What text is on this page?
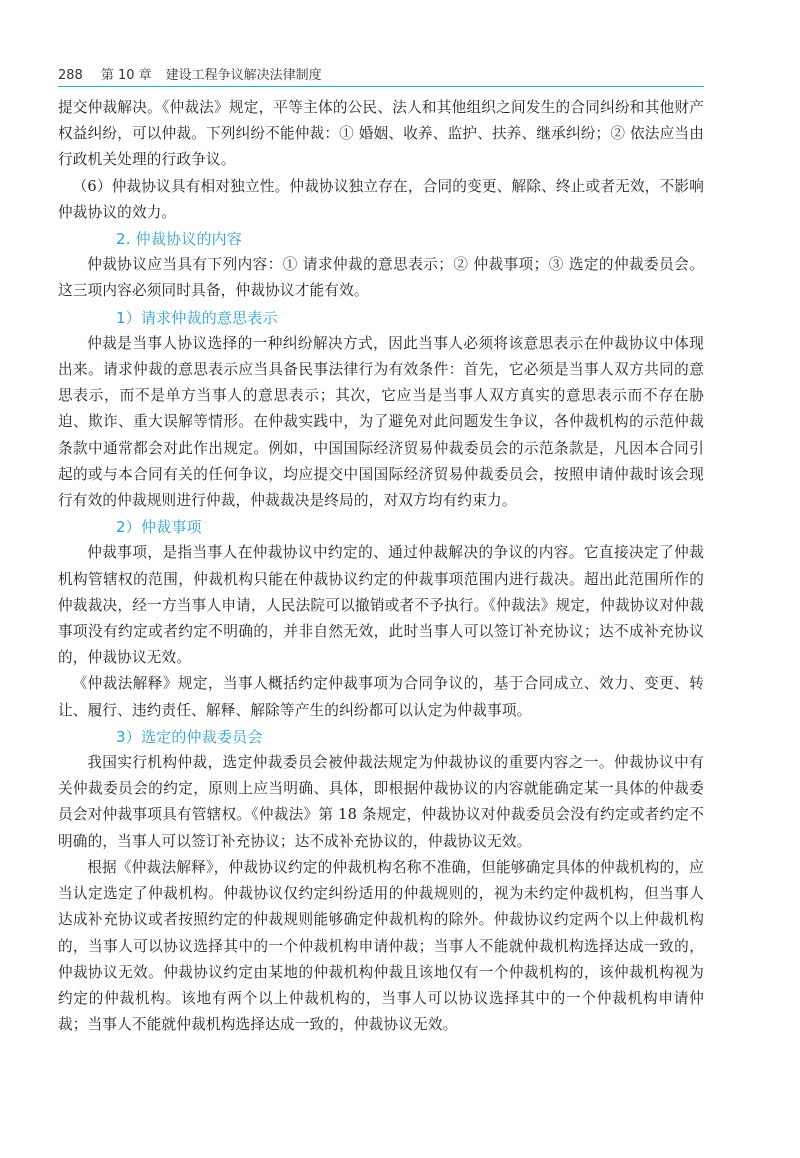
288 第 10 章 建设工程争议解决法律制度

提交仲裁解决。《仲裁法》规定，平等主体的公民、法人和其他组织之间发生的合同纠纷和其他财产权益纠纷，可以仲裁。下列纠纷不能仲裁：① 婚姻、收养、监护、扶养、继承纠纷；② 依法应当由行政机关处理的行政争议。

（6）仲裁协议具有相对独立性。仲裁协议独立存在，合同的变更、解除、终止或者无效，不影响仲裁协议的效力。

2. 仲裁协议的内容

仲裁协议应当具有下列内容：① 请求仲裁的意思表示；② 仲裁事项；③ 选定的仲裁委员会。这三项内容必须同时具备，仲裁协议才能有效。

1）请求仲裁的意思表示

仲裁是当事人协议选择的一种纠纷解决方式，因此当事人必须将该意思表示在仲裁协议中体现出来。请求仲裁的意思表示应当具备民事法律行为有效条件：首先，它必须是当事人双方共同的意思表示，而不是单方当事人的意思表示；其次，它应当是当事人双方真实的意思表示而不存在胁迫、欺诈、重大误解等情形。在仲裁实践中，为了避免对此问题发生争议，各仲裁机构的示范仲裁条款中通常都会对此作出规定。例如，中国国际经济贸易仲裁委员会的示范条款是，凡因本合同引起的或与本合同有关的任何争议，均应提交中国国际经济贸易仲裁委员会，按照申请仲裁时该会现行有效的仲裁规则进行仲裁，仲裁裁决是终局的，对双方均有约束力。

2）仲裁事项

仲裁事项，是指当事人在仲裁协议中约定的、通过仲裁解决的争议的内容。它直接决定了仲裁机构管辖权的范围，仲裁机构只能在仲裁协议约定的仲裁事项范围内进行裁决。超出此范围所作的仲裁裁决，经一方当事人申请，人民法院可以撤销或者不予执行。《仲裁法》规定，仲裁协议对仲裁事项没有约定或者约定不明确的，并非自然无效，此时当事人可以签订补充协议；达不成补充协议的，仲裁协议无效。

《仲裁法解释》规定，当事人概括约定仲裁事项为合同争议的，基于合同成立、效力、变更、转让、履行、违约责任、解释、解除等产生的纠纷都可以认定为仲裁事项。

3）选定的仲裁委员会

我国实行机构仲裁，选定仲裁委员会被仲裁法规定为仲裁协议的重要内容之一。仲裁协议中有关仲裁委员会的约定，原则上应当明确、具体，即根据仲裁协议的内容就能确定某一具体的仲裁委员会对仲裁事项具有管辖权。《仲裁法》第 18 条规定，仲裁协议对仲裁委员会没有约定或者约定不明确的，当事人可以签订补充协议；达不成补充协议的，仲裁协议无效。

根据《仲裁法解释》，仲裁协议约定的仲裁机构名称不准确，但能够确定具体的仲裁机构的，应当认定选定了仲裁机构。仲裁协议仅约定纠纷适用的仲裁规则的，视为未约定仲裁机构，但当事人达成补充协议或者按照约定的仲裁规则能够确定仲裁机构的除外。仲裁协议约定两个以上仲裁机构的，当事人可以协议选择其中的一个仲裁机构申请仲裁；当事人不能就仲裁机构选择达成一致的，仲裁协议无效。仲裁协议约定由某地的仲裁机构仲裁且该地仅有一个仲裁机构的，该仲裁机构视为约定的仲裁机构。该地有两个以上仲裁机构的，当事人可以协议选择其中的一个仲裁机构申请仲裁；当事人不能就仲裁机构选择达成一致的，仲裁协议无效。
